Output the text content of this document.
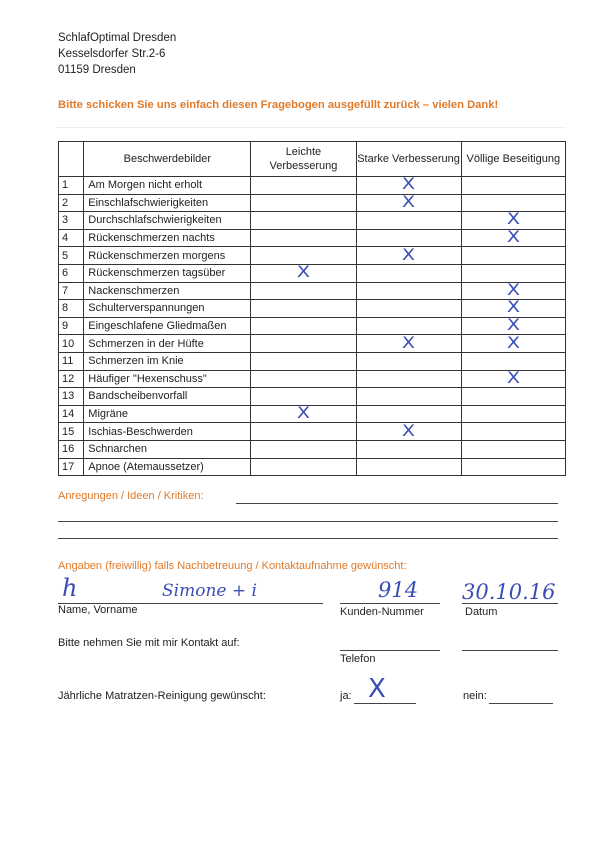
SchlafOptimal Dresden
Kesselsdorfer Str.2-6
01159 Dresden
Bitte schicken Sie uns einfach diesen Fragebogen ausgefüllt zurück – vielen Dank!
	Beschwerdebilder	Leichte Verbesserung	Starke Verbesserung	Völlige Beseitigung
1	Am Morgen nicht erholt		X	
2	Einschlafschwierigkeiten		X	
3	Durchschlafschwierigkeiten			X
4	Rückenschmerzen nachts			X
5	Rückenschmerzen morgens		X	
6	Rückenschmerzen tagsüber	X		
7	Nackenschmerzen			X
8	Schulterverspannungen			X
9	Eingeschlafene Gliedmaßen			X
10	Schmerzen in der Hüfte		X	X
11	Schmerzen im Knie			
12	Häufiger "Hexenschuss"			X
13	Bandscheibenvorfall			
14	Migräne	X		
15	Ischias-Beschwerden		X	
16	Schnarchen			
17	Apnoe (Atemaussetzer)			
Anregungen / Ideen / Kritiken:
Angaben (freiwillig) falls Nachbetreuung / Kontaktaufnahme gewünscht:
h	Simone + i	914 30.10.16
Name, Vorname	Kunden-Nummer	Datum
Bitte nehmen Sie mit mir Kontakt auf:
Telefon
Jährliche Matratzen-Reinigung gewünscht:	ja: X	nein:
